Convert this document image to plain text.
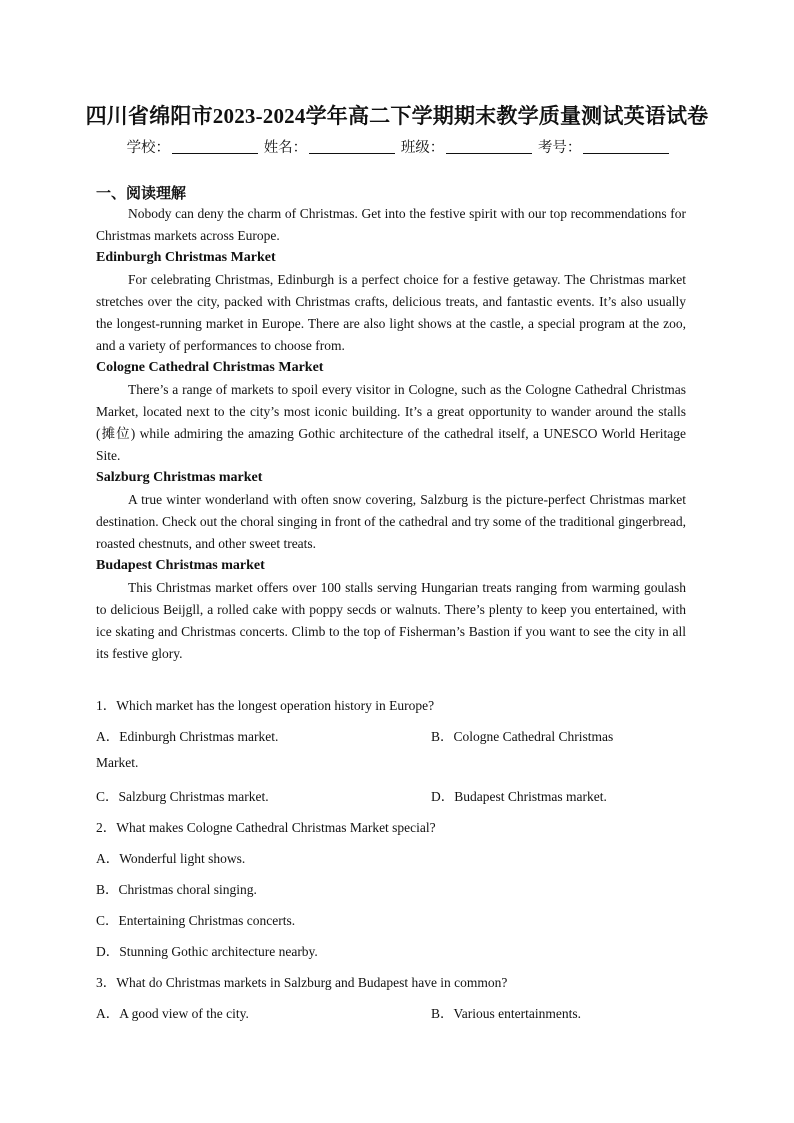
四川省绵阳市2023-2024学年高二下学期期末教学质量测试英语试卷
学校：	姓名：	班级：	考号：
一、阅读理解

Nobody can deny the charm of Christmas. Get into the festive spirit with our top recommendations for Christmas markets across Europe.

Edinburgh Christmas Market

For celebrating Christmas, Edinburgh is a perfect choice for a festive getaway. The Christmas market stretches over the city, packed with Christmas crafts, delicious treats, and fantastic events. It’s also usually the longest-running market in Europe. There are also light shows at the castle, a special program at the zoo, and a variety of performances to choose from.

Cologne Cathedral Christmas Market

There’s a range of markets to spoil every visitor in Cologne, such as the Cologne Cathedral Christmas Market, located next to the city’s most iconic building. It’s a great opportunity to wander around the stalls (摊位) while admiring the amazing Gothic architecture of the cathedral itself, a UNESCO World Heritage Site.

Salzburg Christmas market

A true winter wonderland with often snow covering, Salzburg is the picture-perfect Christmas market destination. Check out the choral singing in front of the cathedral and try some of the traditional gingerbread, roasted chestnuts, and other sweet treats.

Budapest Christmas market

This Christmas market offers over 100 stalls serving Hungarian treats ranging from warming goulash to delicious Beijgll, a rolled cake with poppy secds or walnuts. There’s plenty to keep you entertained, with ice skating and Christmas concerts. Climb to the top of Fisherman’s Bastion if you want to see the city in all its festive glory.

1．Which market has the longest operation history in Europe?
A．Edinburgh Christmas market.	B．Cologne Cathedral Christmas
Market.
C．Salzburg Christmas market.	D．Budapest Christmas market.
2．What makes Cologne Cathedral Christmas Market special?
A．Wonderful light shows.
B．Christmas choral singing.
C．Entertaining Christmas concerts.
D．Stunning Gothic architecture nearby.
3．What do Christmas markets in Salzburg and Budapest have in common?
A．A good view of the city.	B．Various entertainments.
